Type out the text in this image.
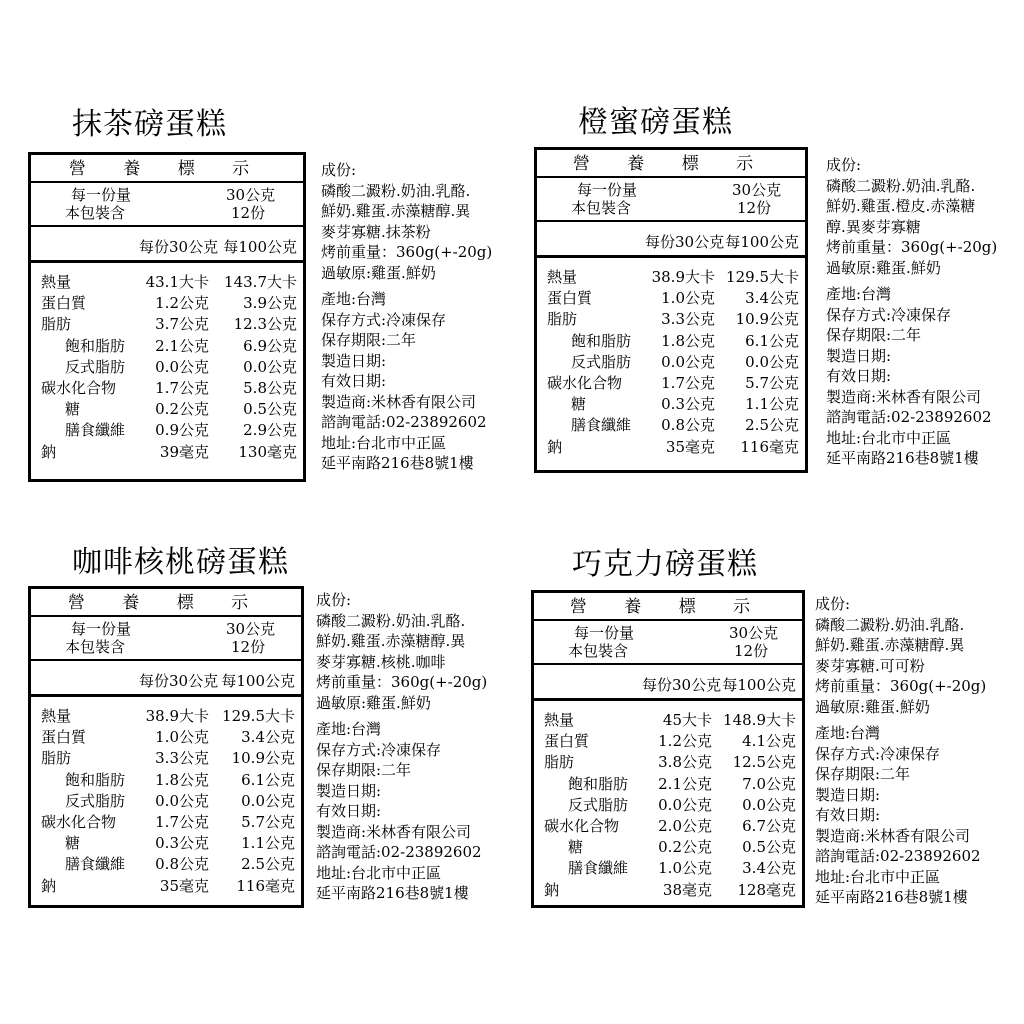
抹茶磅蛋糕
營 養 標 示
每一份量	30公克
本包裝含	12份
每份30公克 每100公克
熱量	43.1大卡	143.7大卡
蛋白質	1.2公克	3.9公克
脂肪	3.7公克	12.3公克
飽和脂肪	2.1公克	6.9公克
反式脂肪	0.0公克	0.0公克
碳水化合物	1.7公克	5.8公克
糖	0.2公克	0.5公克
膳食纖維	0.9公克	2.9公克
鈉	39毫克	130毫克
成份:
磷酸二澱粉.奶油.乳酪.
鮮奶.雞蛋.赤藻糖醇.異
麥芽寡糖.抹茶粉
烤前重量：360g(+-20g)
過敏原:雞蛋.鮮奶
產地:台灣
保存方式:冷凍保存
保存期限:二年
製造日期:
有效日期:
製造商:米林香有限公司
諮詢電話:02-23892602
地址:台北市中正區
延平南路216巷8號1樓
橙蜜磅蛋糕
營 養 標 示
每一份量	30公克
本包裝含	12份
每份30公克 每100公克
熱量	38.9大卡 129.5大卡
蛋白質	1.0公克	3.4公克
脂肪	3.3公克	10.9公克
飽和脂肪	1.8公克	6.1公克
反式脂肪	0.0公克	0.0公克
碳水化合物	1.7公克	5.7公克
糖	0.3公克	1.1公克
膳食纖維	0.8公克	2.5公克
鈉	35毫克	116毫克
成份:
磷酸二澱粉.奶油.乳酪.
鮮奶.雞蛋.橙皮.赤藻糖
醇.異麥芽寡糖
烤前重量：360g(+-20g)
過敏原:雞蛋.鮮奶
產地:台灣
保存方式:冷凍保存
保存期限:二年
製造日期:
有效日期:
製造商:米林香有限公司
諮詢電話:02-23892602
地址:台北市中正區
延平南路216巷8號1樓
咖啡核桃磅蛋糕
營 養 標 示
每一份量	30公克
本包裝含	12份
每份30公克 每100公克
熱量	38.9大卡 129.5大卡
蛋白質	1.0公克	3.4公克
脂肪	3.3公克	10.9公克
飽和脂肪	1.8公克	6.1公克
反式脂肪	0.0公克	0.0公克
碳水化合物	1.7公克	5.7公克
糖	0.3公克	1.1公克
膳食纖維	0.8公克	2.5公克
鈉	35毫克	116毫克
成份:
磷酸二澱粉.奶油.乳酪.
鮮奶.雞蛋.赤藻糖醇.異
麥芽寡糖.核桃.咖啡
烤前重量：360g(+-20g)
過敏原:雞蛋.鮮奶
產地:台灣
保存方式:冷凍保存
保存期限:二年
製造日期:
有效日期:
製造商:米林香有限公司
諮詢電話:02-23892602
地址:台北市中正區
延平南路216巷8號1樓
巧克力磅蛋糕
營 養 標 示
每一份量	30公克
本包裝含	12份
每份30公克 每100公克
熱量	45大卡 148.9大卡
蛋白質	1.2公克	4.1公克
脂肪	3.8公克	12.5公克
飽和脂肪	2.1公克	7.0公克
反式脂肪	0.0公克	0.0公克
碳水化合物	2.0公克	6.7公克
糖	0.2公克	0.5公克
膳食纖維	1.0公克	3.4公克
鈉	38毫克	128毫克
成份:
磷酸二澱粉.奶油.乳酪.
鮮奶.雞蛋.赤藻糖醇.異
麥芽寡糖.可可粉
烤前重量：360g(+-20g)
過敏原:雞蛋.鮮奶
產地:台灣
保存方式:冷凍保存
保存期限:二年
製造日期:
有效日期:
製造商:米林香有限公司
諮詢電話:02-23892602
地址:台北市中正區
延平南路216巷8號1樓
